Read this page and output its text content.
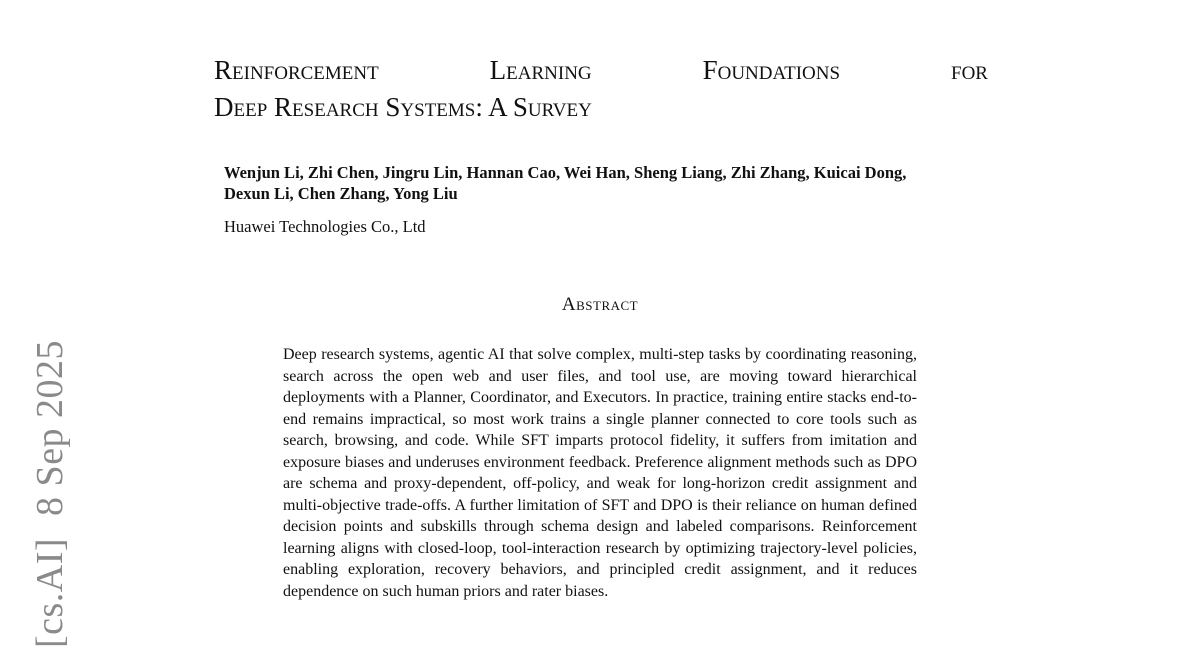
[cs.AI]8 Sep 2025
Reinforcement	Learning	Foundations	for
Deep Research Systems: A Survey
Wenjun Li, Zhi Chen, Jingru Lin, Hannan Cao, Wei Han, Sheng Liang, Zhi Zhang, Kuicai Dong, Dexun Li, Chen Zhang, Yong Liu
Huawei Technologies Co., Ltd
Abstract
Deep research systems, agentic AI that solve complex, multi-step tasks by coordinating reasoning, search across the open web and user files, and tool use, are moving toward hierarchical deployments with a Planner, Coordinator, and Executors. In practice, training entire stacks end-to-end remains impractical, so most work trains a single planner connected to core tools such as search, browsing, and code. While SFT imparts protocol fidelity, it suffers from imitation and exposure biases and underuses environment feedback. Preference alignment methods such as DPO are schema and proxy-dependent, off-policy, and weak for long-horizon credit assignment and multi-objective trade-offs. A further limitation of SFT and DPO is their reliance on human defined decision points and subskills through schema design and labeled comparisons. Reinforcement learning aligns with closed-loop, tool-interaction research by optimizing trajectory-level policies, enabling exploration, recovery behaviors, and principled credit assignment, and it reduces dependence on such human priors and rater biases.
